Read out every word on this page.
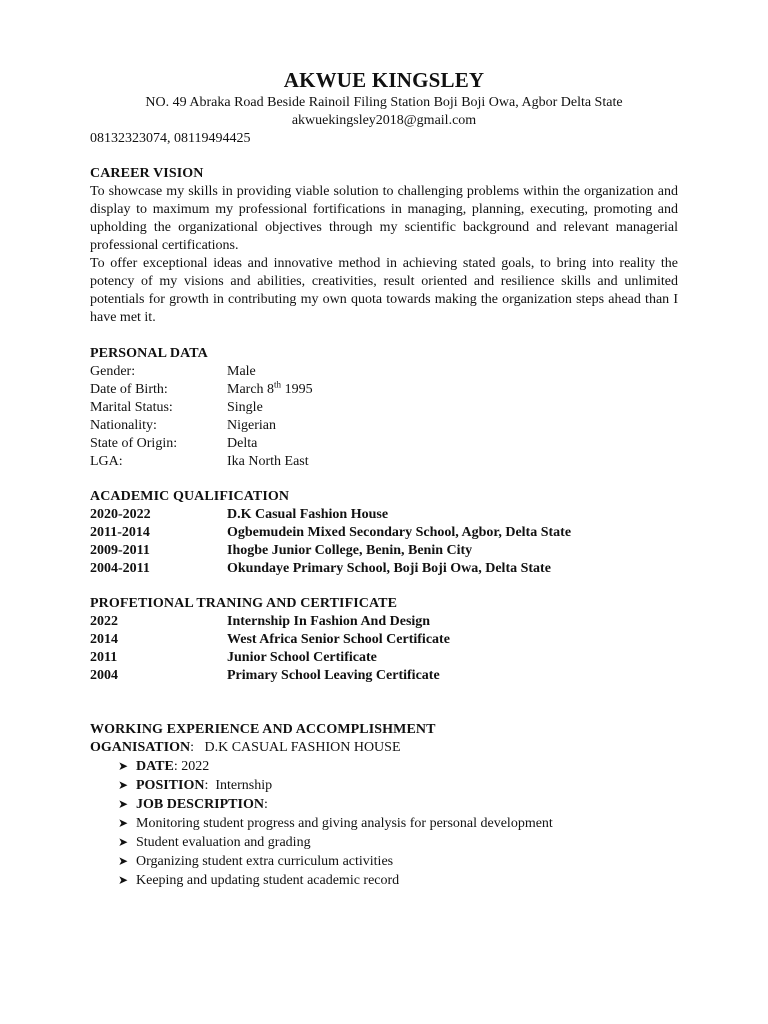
AKWUE KINGSLEY
NO. 49 Abraka Road Beside Rainoil Filing Station Boji Boji Owa, Agbor Delta State
akwuekingsley2018@gmail.com
08132323074, 08119494425
CAREER VISION
To showcase my skills in providing viable solution to challenging problems within the organization and display to maximum my professional fortifications in managing, planning, executing, promoting and upholding the organizational objectives through my scientific background and relevant managerial professional certifications.
To offer exceptional ideas and innovative method in achieving stated goals, to bring into reality the potency of my visions and abilities, creativities, result oriented and resilience skills and unlimited potentials for growth in contributing my own quota towards making the organization steps ahead than I have met it.
PERSONAL DATA
Gender:	Male
Date of Birth:	March 8th 1995
Marital Status:	Single
Nationality:	Nigerian
State of Origin:	Delta
LGA:	Ika North East
ACADEMIC QUALIFICATION
2020-2022	D.K Casual Fashion House
2011-2014	Ogbemudein Mixed Secondary School, Agbor, Delta State
2009-2011	Ihogbe Junior College, Benin, Benin City
2004-2011	Okundaye Primary School, Boji Boji Owa, Delta State
PROFETIONAL TRANING AND CERTIFICATE
2022	Internship In Fashion And Design
2014	West Africa Senior School Certificate
2011	Junior School Certificate
2004	Primary School Leaving Certificate
WORKING EXPERIENCE AND ACCOMPLISHMENT
OGANISATION:   D.K CASUAL FASHION HOUSE
➤ DATE: 2022
➤ POSITION:  Internship
➤ JOB DESCRIPTION:
➤ Monitoring student progress and giving analysis for personal development
➤ Student evaluation and grading
➤ Organizing student extra curriculum activities
➤ Keeping and updating student academic record
